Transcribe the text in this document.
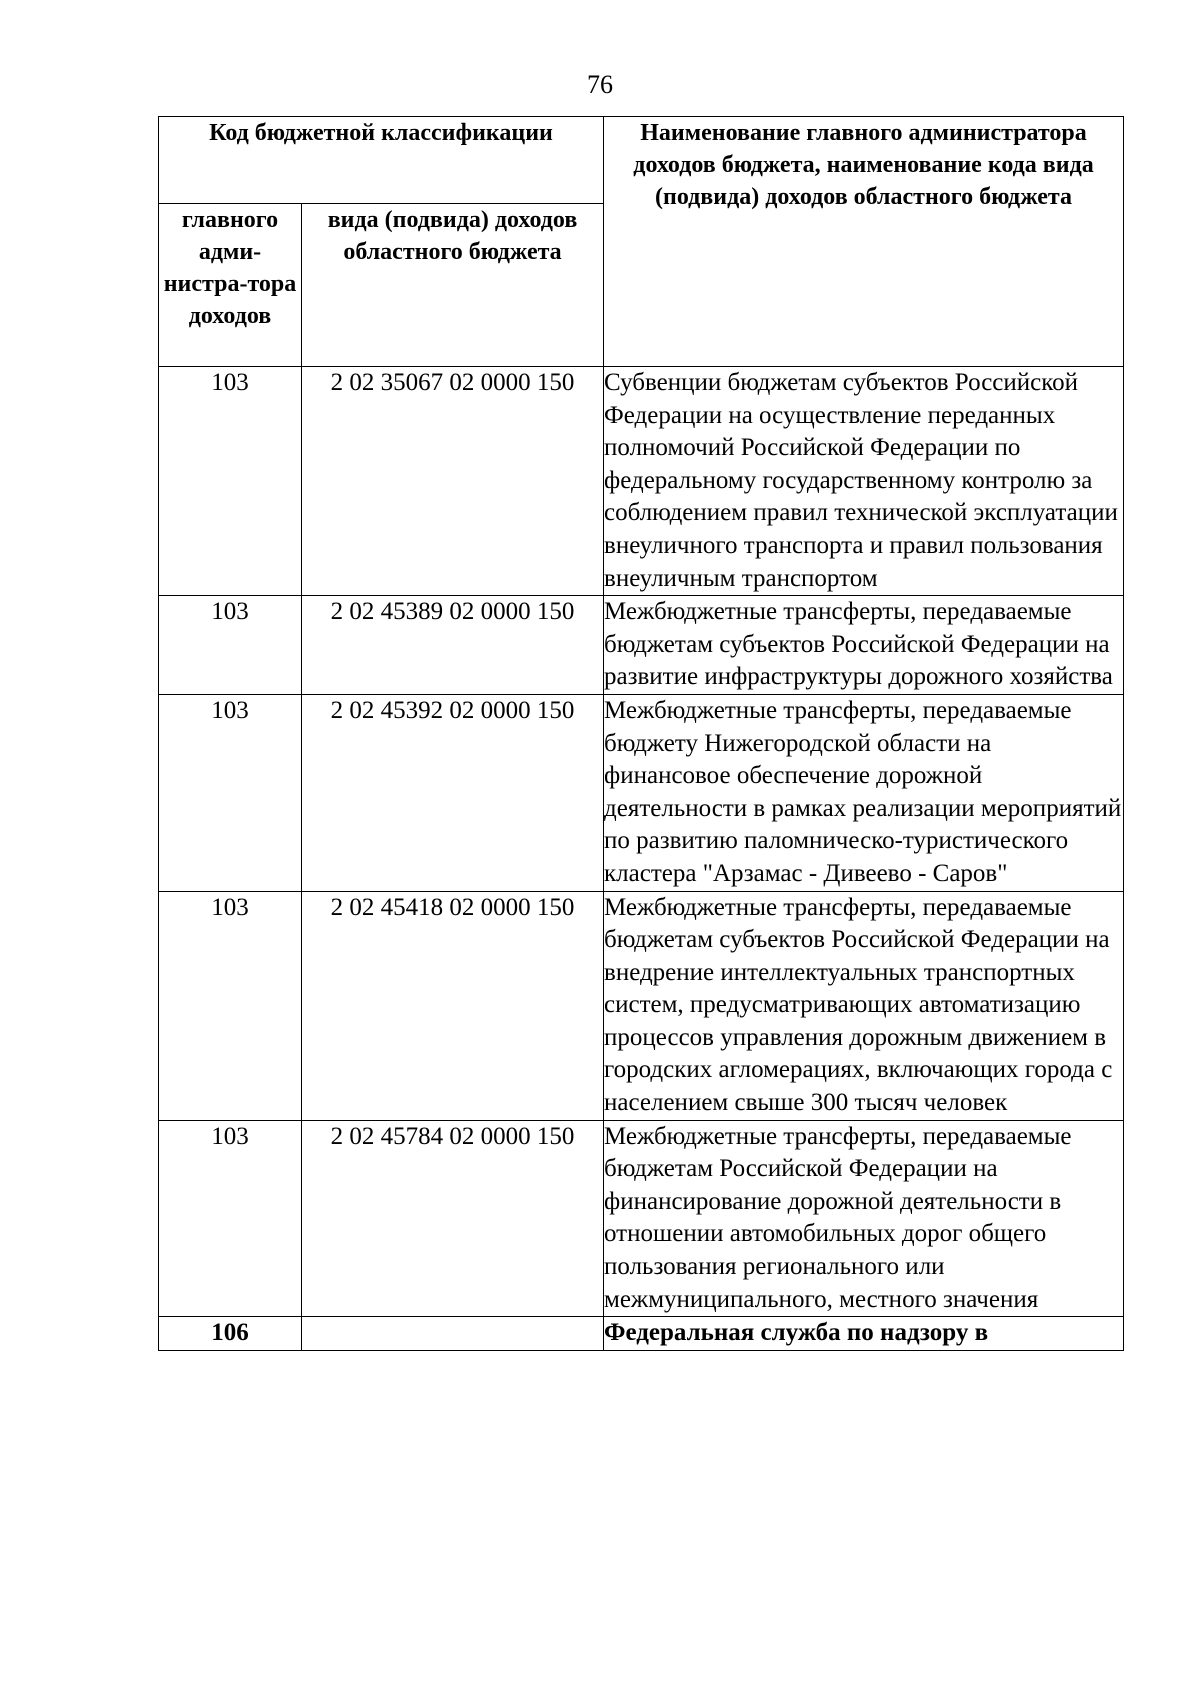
76
Код бюджетной классификации		Наименование главного администратора доходов бюджета, наименование кода вида (подвида) доходов областного бюджета
главного адми-нистра-тора доходов	вида (подвида) доходов областного бюджета	
103	2 02 35067 02 0000 150	Субвенции бюджетам субъектов Российской Федерации на осуществление переданных полномочий Российской Федерации по федеральному государственному контролю за соблюдением правил технической эксплуатации внеуличного транспорта и правил пользования внеуличным транспортом
103	2 02 45389 02 0000 150	Межбюджетные трансферты, передаваемые бюджетам субъектов Российской Федерации на развитие инфраструктуры дорожного хозяйства
103	2 02 45392 02 0000 150	Межбюджетные трансферты, передаваемые бюджету Нижегородской области на финансовое обеспечение дорожной деятельности в рамках реализации мероприятий по развитию паломническо-туристического кластера "Арзамас - Дивеево - Саров"
103	2 02 45418 02 0000 150	Межбюджетные трансферты, передаваемые бюджетам субъектов Российской Федерации на внедрение интеллектуальных транспортных систем, предусматривающих автоматизацию процессов управления дорожным движением в городских агломерациях, включающих города с населением свыше 300 тысяч человек
103	2 02 45784 02 0000 150	Межбюджетные трансферты, передаваемые бюджетам Российской Федерации на финансирование дорожной деятельности в отношении автомобильных дорог общего пользования регионального или межмуниципального, местного значения
106		Федеральная служба по надзору в
